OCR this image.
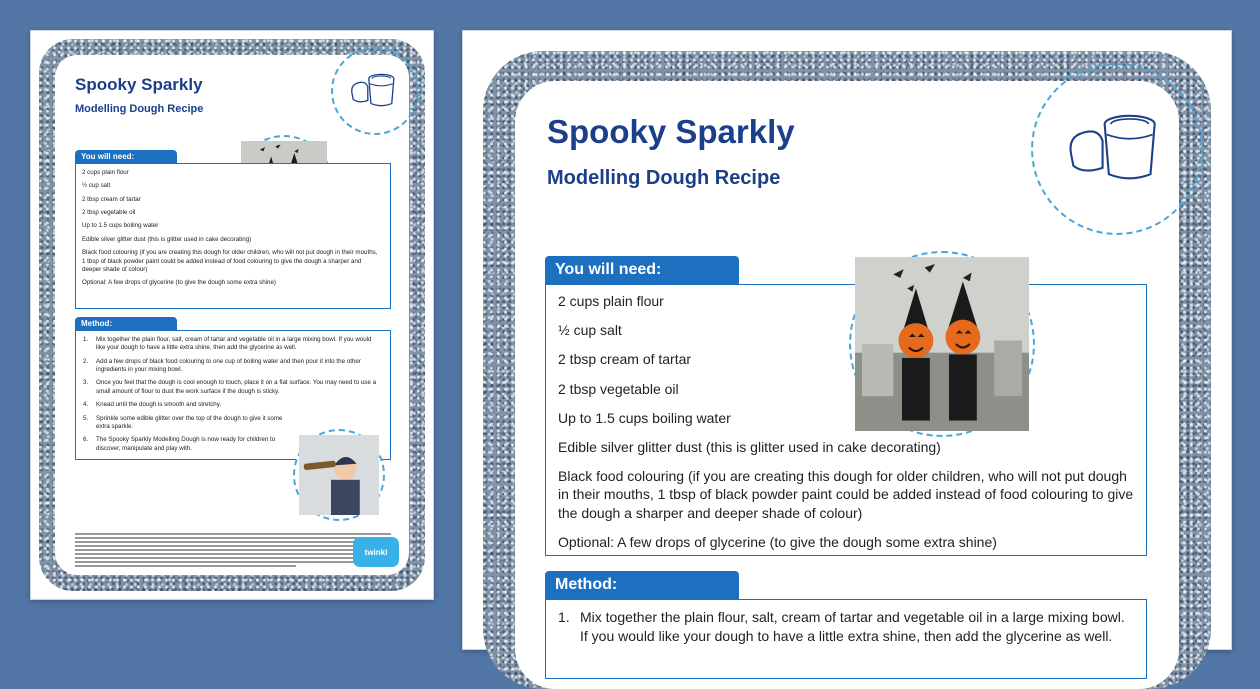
Spooky Sparkly
Modelling Dough Recipe
You will need:
2 cups plain flour
½ cup salt
2 tbsp cream of tartar
2 tbsp vegetable oil
Up to 1.5 cups boiling water
Edible silver glitter dust (this is glitter used in cake decorating)
Black food colouring (if you are creating this dough for older children, who will not put dough in their mouths, 1 tbsp of black powder paint could be added instead of food colouring to give the dough a sharper and deeper shade of colour)
Optional: A few drops of glycerine (to give the dough some extra shine)
Method:
1. Mix together the plain flour, salt, cream of tartar and vegetable oil in a large mixing bowl. If you would like your dough to have a little extra shine, then add the glycerine as well.
2. Add a few drops of black food colouring to one cup of boiling water and then pour it into the other ingredients in your mixing bowl.
3. Once you feel that the dough is cool enough to touch, place it on a flat surface. You may need to use a small amount of flour to dust the work surface if the dough is sticky.
4. Knead until the dough is smooth and stretchy.
5. Sprinkle some edible glitter over the top of the dough to give it some extra sparkle.
6. The Spooky Sparkly Modelling Dough is now ready for children to discover, manipulate and play with.
twinkl
Spooky Sparkly
Modelling Dough Recipe
You will need:
2 cups plain flour
½ cup salt
2 tbsp cream of tartar
2 tbsp vegetable oil
Up to 1.5 cups boiling water
Edible silver glitter dust (this is glitter used in cake decorating)
Black food colouring (if you are creating this dough for older children, who will not put dough in their mouths, 1 tbsp of black powder paint could be added instead of food colouring to give the dough a sharper and deeper shade of colour)
Optional: A few drops of glycerine (to give the dough some extra shine)
Method:
1. Mix together the plain flour, salt, cream of tartar and vegetable oil in a large mixing bowl. If you would like your dough to have a little extra shine, then add the glycerine as well.
